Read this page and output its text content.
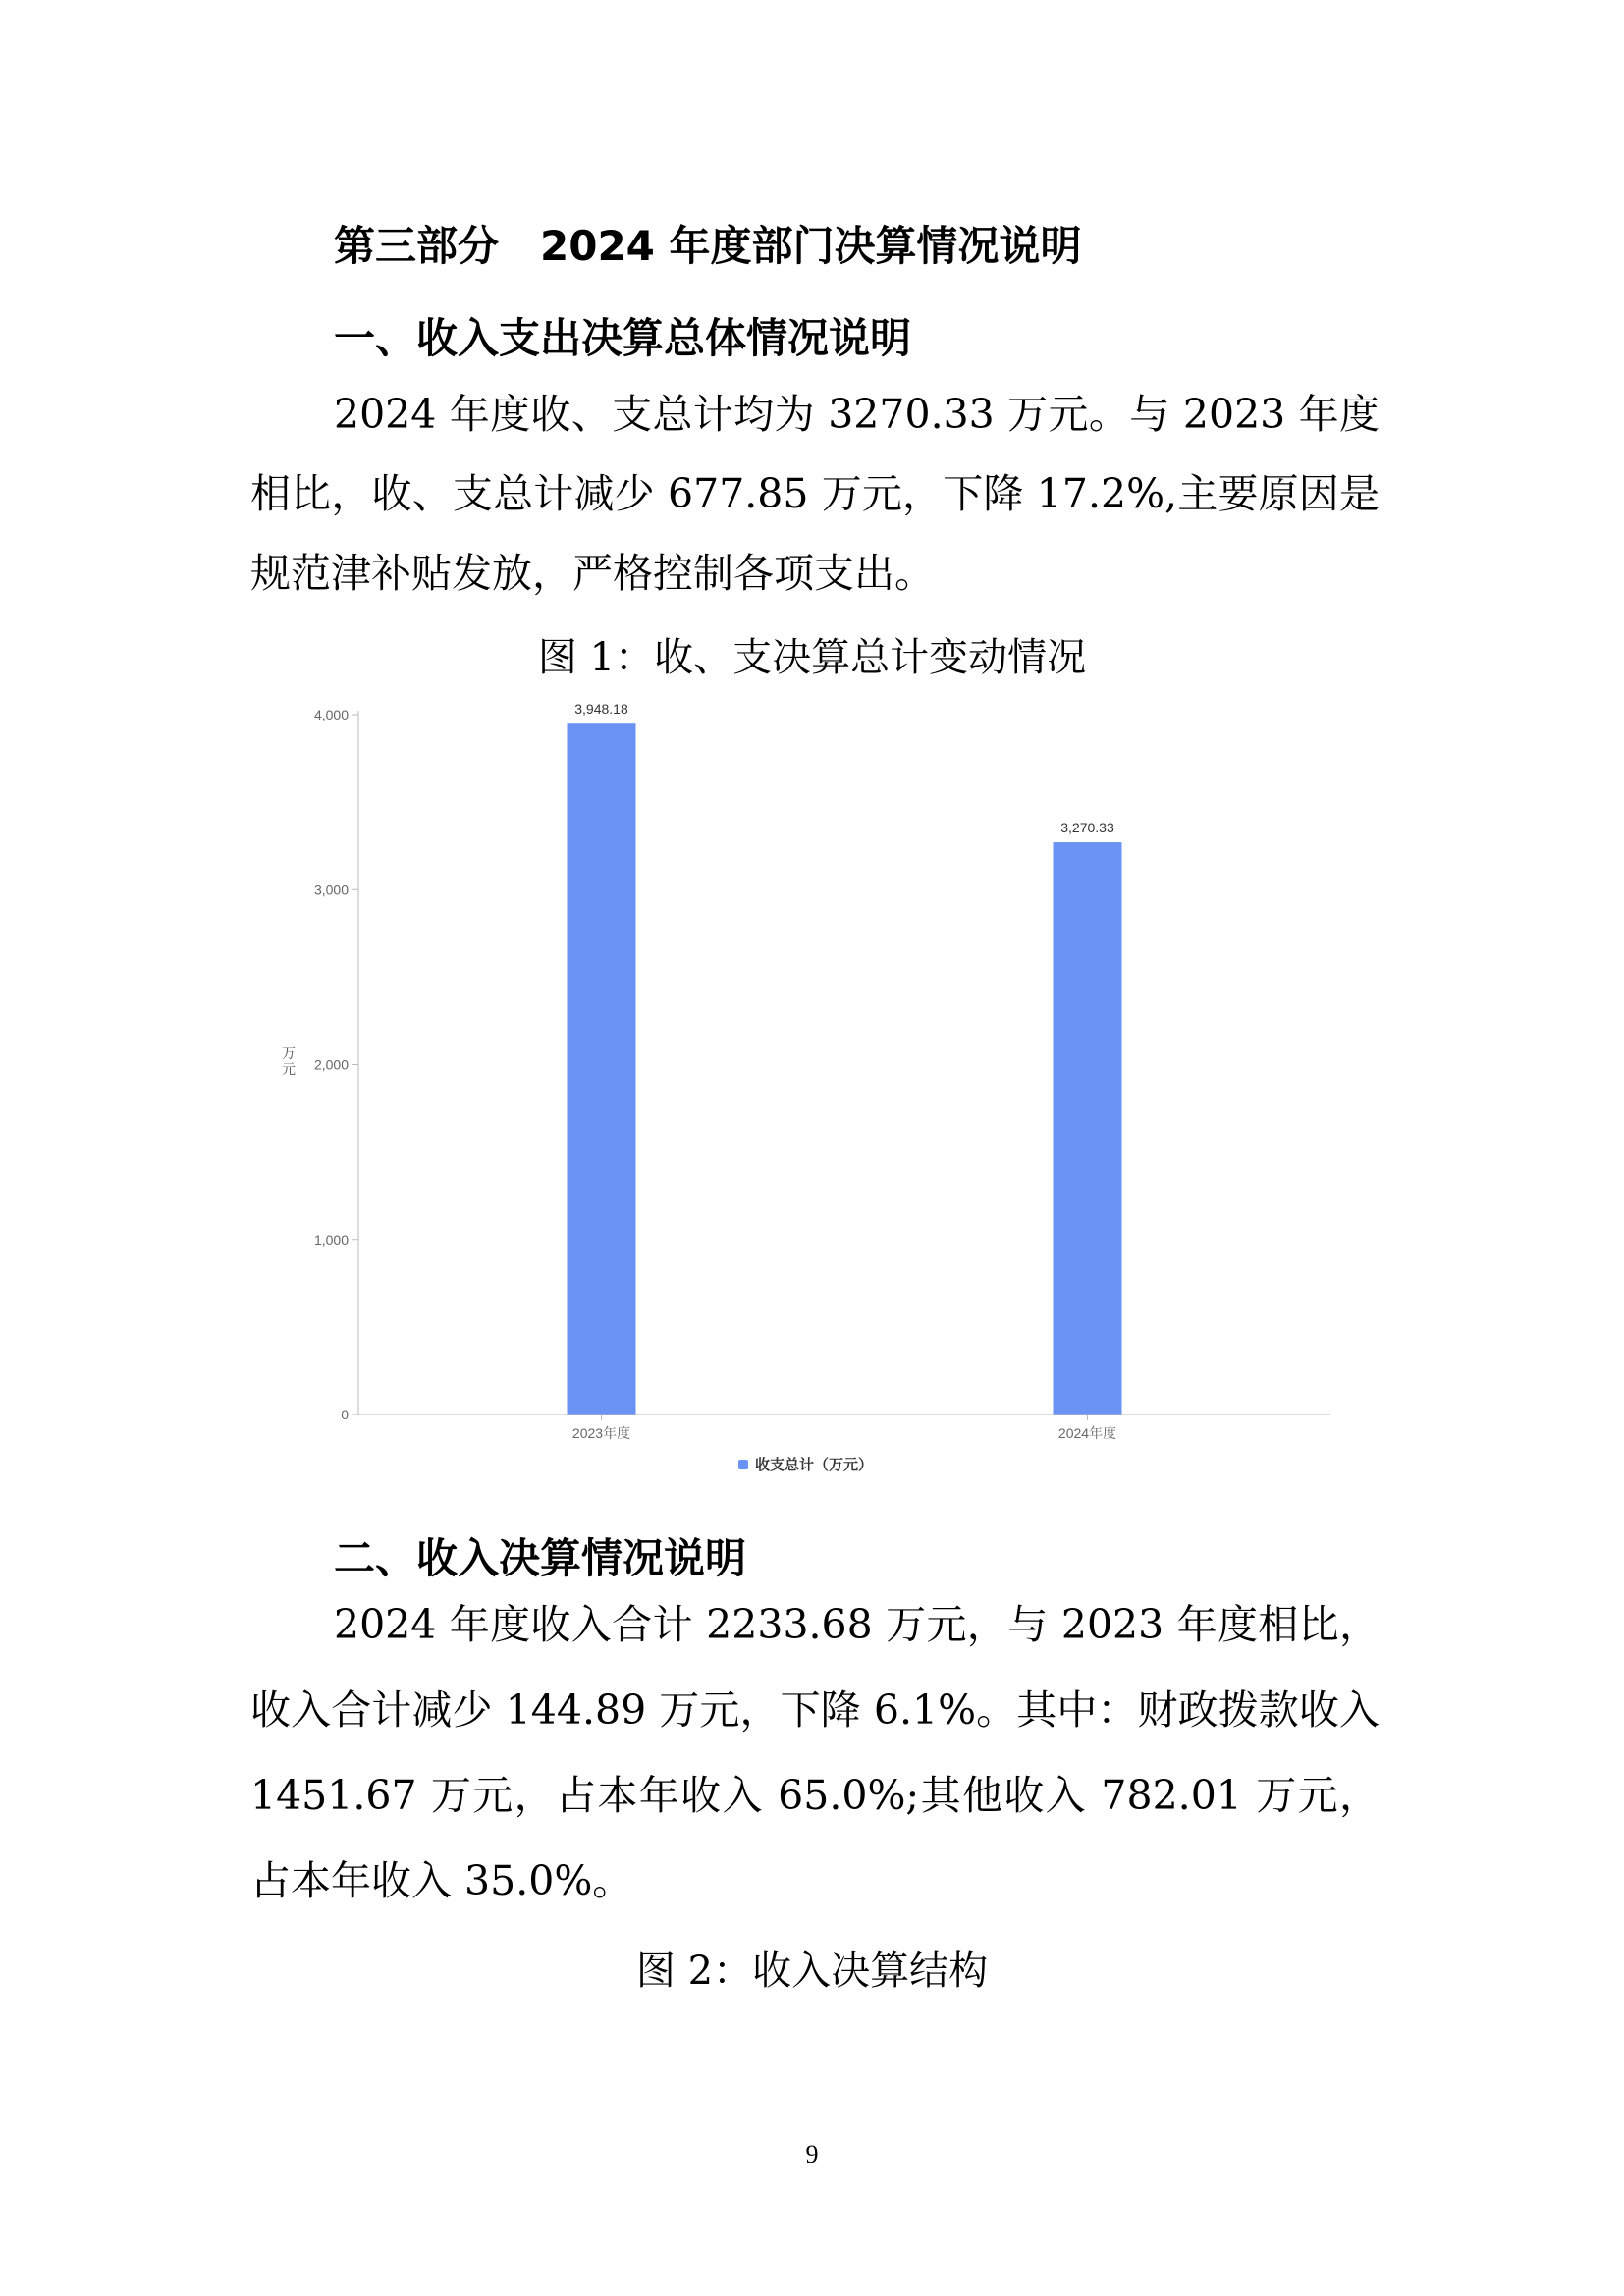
第三部分　2024 年度部门决算情况说明
一、收入支出决算总体情况说明

2024 年度收、支总计均为 3270.33 万元。与 2023 年度相比，收、支总计减少 677.85 万元，下降 17.2%,主要原因是规范津补贴发放，严格控制各项支出。

图 1：收、支决算总计变动情况
0
1,000
2,000
3,000
4,000	3,948.18
3,270.33
2023年度	2024年度
万元
收支总计（万元）
二、收入决算情况说明

2024 年度收入合计 2233.68 万元，与 2023 年度相比，收入合计减少 144.89 万元，下降 6.1%。其中：财政拨款收入 1451.67 万元，占本年收入 65.0%;其他收入 782.01 万元，占本年收入 35.0%。

图 2：收入决算结构
9
